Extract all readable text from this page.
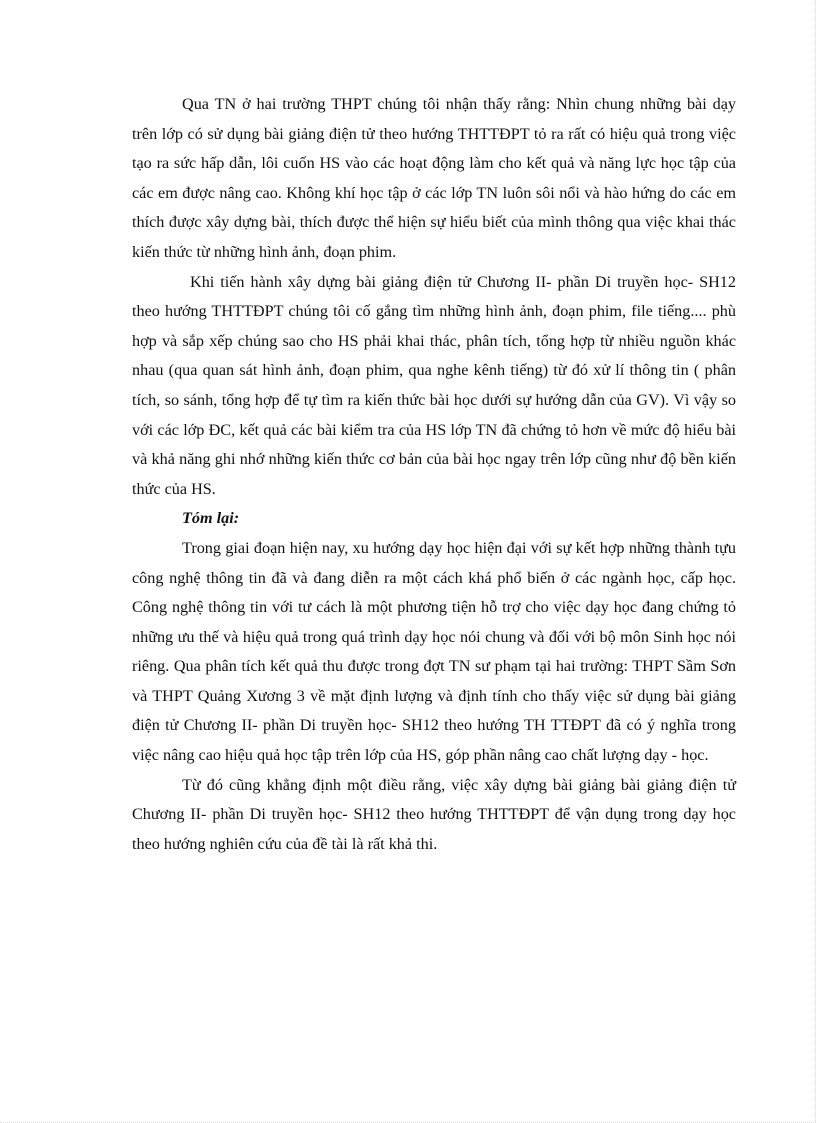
Qua TN ở hai trường THPT chúng tôi nhận thấy rằng: Nhìn chung những bài dạy trên lớp có sử dụng bài giảng điện tử theo hướng THTTĐPT tỏ ra rất có hiệu quả trong việc tạo ra sức hấp dẫn, lôi cuốn HS vào các hoạt động làm cho kết quả và năng lực học tập của các em được nâng cao. Không khí học tập ở các lớp TN luôn sôi nổi và hào hứng do các em thích được xây dựng bài, thích được thể hiện sự hiểu biết của mình thông qua việc khai thác kiến thức từ những hình ảnh, đoạn phim.

Khi tiến hành xây dựng bài giảng điện tử Chương II- phần Di truyền học- SH12 theo hướng THTTĐPT chúng tôi cố gắng tìm những hình ảnh, đoạn phim, file tiếng.... phù hợp và sắp xếp chúng sao cho HS phải khai thác, phân tích, tổng hợp từ nhiều nguồn khác nhau (qua quan sát hình ảnh, đoạn phim, qua nghe kênh tiếng) từ đó xử lí thông tin ( phân tích, so sánh, tổng hợp để tự tìm ra kiến thức bài học dưới sự hướng dẫn của GV). Vì vậy so với các lớp ĐC, kết quả các bài kiểm tra của HS lớp TN đã chứng tỏ hơn về mức độ hiểu bài và khả năng ghi nhớ những kiến thức cơ bản của bài học ngay trên lớp cũng như độ bền kiến thức của HS.

Tóm lại:

Trong giai đoạn hiện nay, xu hướng dạy học hiện đại với sự kết hợp những thành tựu công nghệ thông tin đã và đang diễn ra một cách khá phổ biến ở các ngành học, cấp học. Công nghệ thông tin với tư cách là một phương tiện hỗ trợ cho việc dạy học đang chứng tỏ những ưu thế và hiệu quả trong quá trình dạy học nói chung và đối với bộ môn Sinh học nói riêng. Qua phân tích kết quả thu được trong đợt TN sư phạm tại hai trường: THPT Sầm Sơn và THPT Quảng Xương 3 về mặt định lượng và định tính cho thấy việc sử dụng bài giảng điện tử Chương II- phần Di truyền học- SH12 theo hướng TH TTĐPT đã có ý nghĩa trong việc nâng cao hiệu quả học tập trên lớp của HS, góp phần nâng cao chất lượng dạy - học.

Từ đó cũng khẳng định một điều rằng, việc xây dựng bài giảng bài giảng điện tử Chương II- phần Di truyền học- SH12 theo hướng THTTĐPT để vận dụng trong dạy học theo hướng nghiên cứu của đề tài là rất khả thi.
